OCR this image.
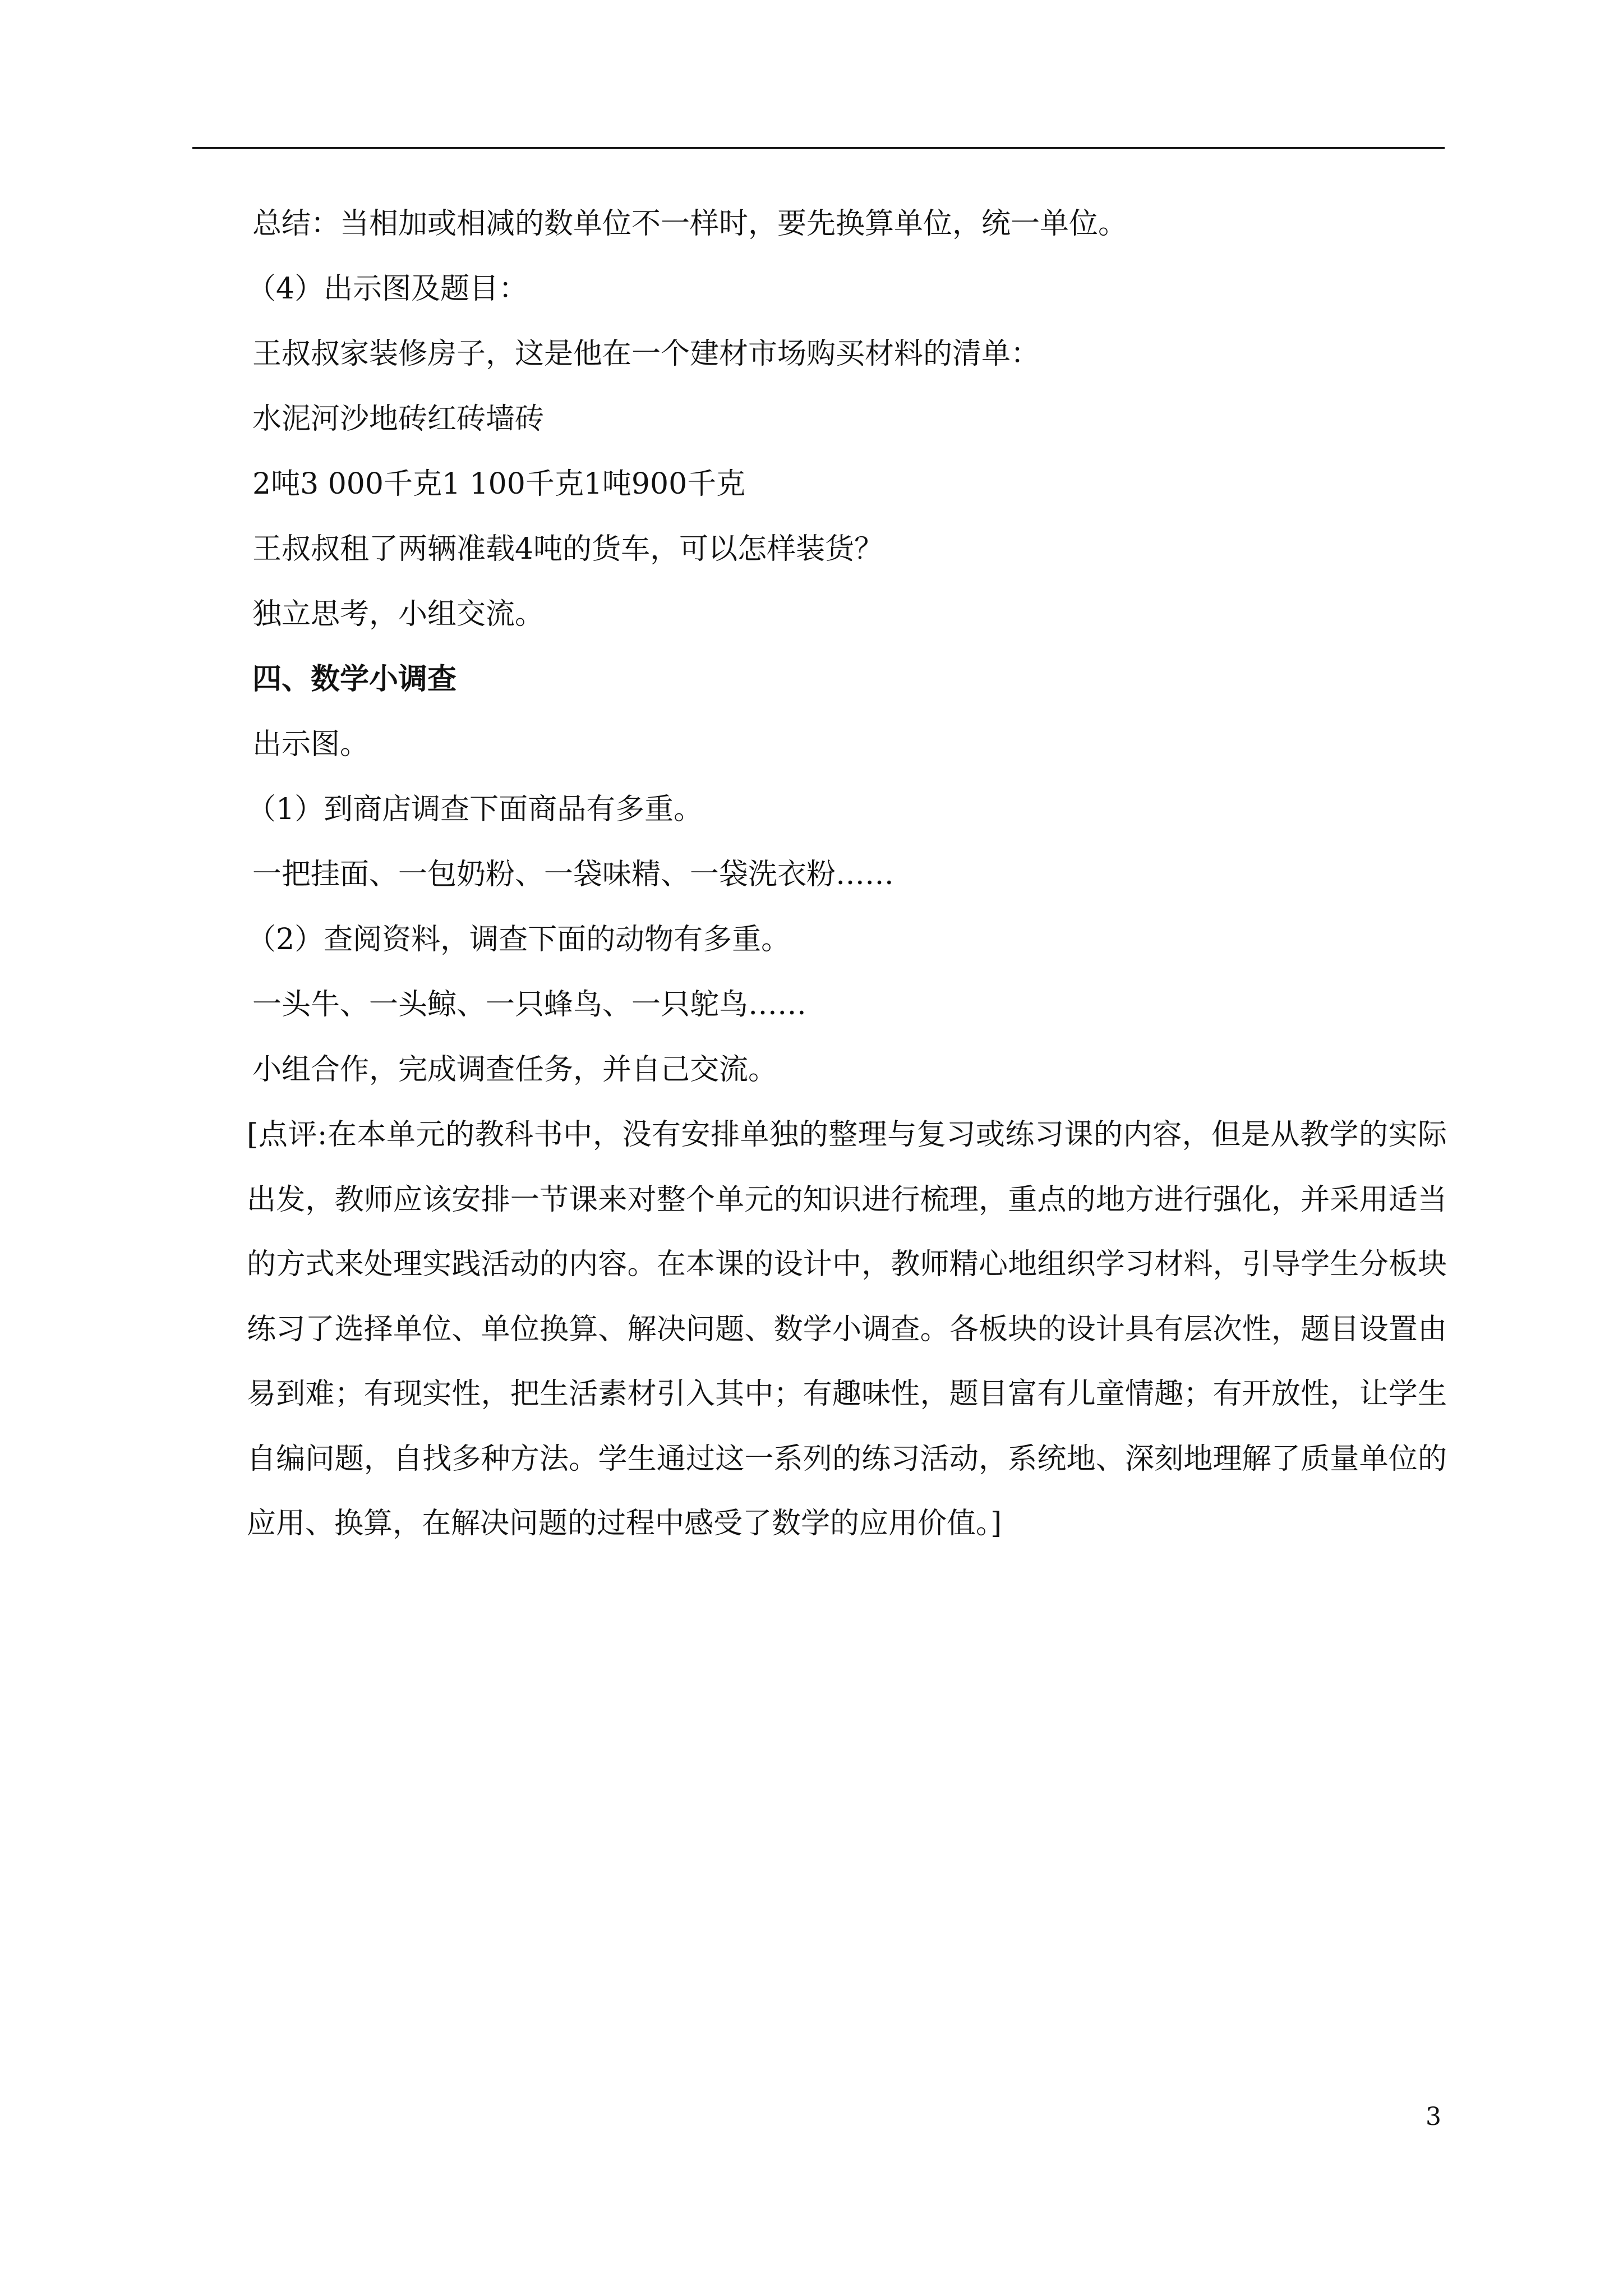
总结：当相加或相减的数单位不一样时，要先换算单位，统一单位。
（4）出示图及题目：
王叔叔家装修房子，这是他在一个建材市场购买材料的清单：
水泥河沙地砖红砖墙砖
2吨3 000千克1 100千克1吨900千克
王叔叔租了两辆准载4吨的货车，可以怎样装货？
独立思考，小组交流。
四、数学小调查
出示图。
（1）到商店调查下面商品有多重。
一把挂面、一包奶粉、一袋味精、一袋洗衣粉……
（2）查阅资料，调查下面的动物有多重。
一头牛、一头鲸、一只蜂鸟、一只鸵鸟……
小组合作，完成调查任务，并自己交流。
[点评:在本单元的教科书中，没有安排单独的整理与复习或练习课的内容，但是从教学的实际出发，教师应该安排一节课来对整个单元的知识进行梳理，重点的地方进行强化，并采用适当的方式来处理实践活动的内容。在本课的设计中，教师精心地组织学习材料，引导学生分板块练习了选择单位、单位换算、解决问题、数学小调查。各板块的设计具有层次性，题目设置由易到难；有现实性，把生活素材引入其中；有趣味性，题目富有儿童情趣；有开放性，让学生自编问题，自找多种方法。学生通过这一系列的练习活动，系统地、深刻地理解了质量单位的应用、换算，在解决问题的过程中感受了数学的应用价值。]
3
